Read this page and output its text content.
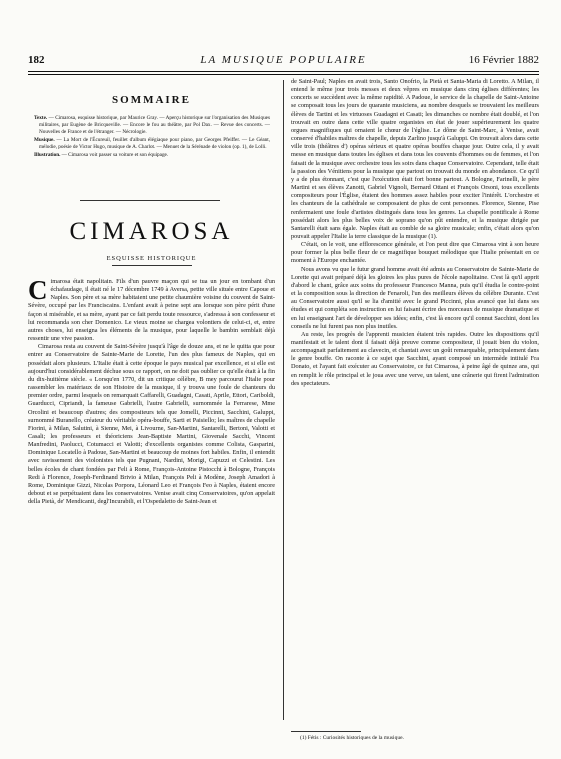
182	LA MUSIQUE POPULAIRE	16 Février 1882
SOMMAIRE

Texte. — Cimarosa, esquisse historique, par Maurice Gray. — Aperçu historique sur l'organisation des Musiques militaires, par Eugène de Bricqueville. — Encore le fou au théâtre, par Pol Dax. — Revue des concerts. — Nouvelles de France et de l'étranger. — Nécrologie.

Musique. — La Mort de l'Écureuil, feuillet d'album élégiaque pour piano, par Georges Pfeiffer. — Le Géant, mélodie, poésie de Victor Hugo, musique de A. Charlot. — Menuet de la Sérénade de violon (op. 1), de Lolli.

Illustration. — Cimarosa voit passer sa voiture et son équipage.

CIMAROSA
ESQUISSE HISTORIQUE

Cimarosa était napolitain. Fils d'un pauvre maçon qui se tua un jour en tombant d'un échafaudage, il était né le 17 décembre 1749 à Aversa, petite ville située entre Capoue et Naples. Son père et sa mère habitaient une petite chaumière voisine du couvent de Saint-Sévère, occupé par les Franciscains. L'enfant avait à peine sept ans lorsque son père périt d'une façon si misérable, et sa mère, ayant par ce fait perdu toute ressource, s'adressa à son confesseur et lui recommanda son cher Domenico. Le vieux moine se chargea volontiers de celui-ci, et, entre autres choses, lui enseigna les éléments de la musique, pour laquelle le bambin semblait déjà ressentir une vive passion.

Cimarosa resta au couvent de Saint-Sévère jusqu'à l'âge de douze ans, et ne le quitta que pour entrer au Conservatoire de Sainte-Marie de Lorette, l'un des plus fameux de Naples, qui en possédait alors plusieurs. L'Italie était à cette époque le pays musical par excellence, et si elle est aujourd'hui considérablement déchue sous ce rapport, on ne doit pas oublier ce qu'elle était à la fin du dix-huitième siècle. « Lorsqu'en 1770, dit un critique célèbre, B mey parcourut l'Italie pour rassembler les matériaux de son Histoire de la musique, il y trouva une foule de chanteurs du premier ordre, parmi lesquels on remarquait Caffarelli, Guadagni, Casati, Aprile, Ettori, Cariboldi, Guarducci, Cipriandi, la fameuse Gabrielli, l'autre Gabrielli, surnommée la Ferrarese, Mme Orcolini et beaucoup d'autres; des compositeurs tels que Jomelli, Piccinni, Sacchini, Galuppi, surnommé Buranello, créateur du véritable opéra-bouffe, Sarti et Paisiello; les maîtres de chapelle Fiorini, à Milan, Salutini, à Sienne, Mei, à Livourne, San-Martini, Santarelli, Bertoni, Valotti et Casali; les professeurs et théoriciens Jean-Baptiste Martini, Giovenale Sacchi, Vincent Manfredini, Paolucci, Cotumacci et Valotti; d'excellents organistes comme Colista, Gasparini, Dominique Locatello à Padoue, San-Martini et beaucoup de moines fort habiles. Enfin, il entendit avec ravissement des violonistes tels que Pugnani, Nardini, Morigi, Capuzzi et Celestini. Les belles écoles de chant fondées par Feli à Rome, François-Antoine Pistocchi à Bologne, François Redi à Florence, Joseph-Ferdinand Brivio à Milan, François Peli à Modène, Joseph Amadori à Rome, Dominique Gizzi, Nicolas Porpora, Léonard Leo et François Feo à Naples, étaient encore debout et se perpétuaient dans les conservatoires. Venise avait cinq Conservatoires, qu'on appelait della Pietà, de' Mendicanti, degl'Incurabili, et l'Ospedaletto de Saint-Jean et

de Saint-Paul; Naples en avait trois, Santo Onofrio, la Pietà et Santa-Maria di Loretto. A Milan, il entend le même jour trois messes et deux vêpres en musique dans cinq églises différentes; les concerts se succèdent avec la même rapidité. A Padoue, le service de la chapelle de Saint-Antoine se composait tous les jours de quarante musiciens, au nombre desquels se trouvaient les meilleurs élèves de Tartini et les virtuoses Guadagni et Casati; les dimanches ce nombre était doublé, et l'on trouvait en outre dans cette ville quatre organistes en état de jouer supérieurement les quatre orgues magnifiques qui ornaient le chœur de l'église. Le dôme de Saint-Marc, à Venise, avait conservé d'habiles maîtres de chapelle, depuis Zarlino jusqu'à Galuppi. On trouvait alors dans cette ville trois (théâtres d') opéras sérieux et quatre opéras bouffes chaque jour. Outre cela, il y avait messe en musique dans toutes les églises et dans tous les couvents d'hommes ou de femmes, et l'on faisait de la musique avec orchestre tous les soirs dans chaque Conservatoire. Cependant, telle était la passion des Vénitiens pour la musique que partout on trouvait du monde en abondance. Ce qu'il y a de plus étonnant, c'est que l'exécution était fort bonne partout. A Bologne, Farinelli, le père Martini et ses élèves Zanotti, Gabriel Vignoli, Bernard Ottani et François Orsoni, tous excellents compositeurs pour l'Église, étaient des hommes assez habiles pour exciter l'intérêt. L'orchestre et les chanteurs de la cathédrale se composaient de plus de cent personnes. Florence, Sienne, Pise renfermaient une foule d'artistes distingués dans tous les genres. La chapelle pontificale à Rome possédait alors les plus belles voix de soprano qu'on pût entendre, et la musique dirigée par Santarelli était sans égale. Naples était au comble de sa gloire musicale; enfin, c'était alors qu'on pouvait appeler l'Italie la terre classique de la musique (1).

C'était, on le voit, une efflorescence générale, et l'on peut dire que Cimarosa vint à son heure pour former la plus belle fleur de ce magnifique bouquet mélodique que l'Italie présentait en ce moment à l'Europe enchantée.

Nous avons vu que le futur grand homme avait été admis au Conservatoire de Sainte-Marie de Lorette qui avait préparé déjà les gloires les plus pures de l'école napolitaine. C'est là qu'il apprit d'abord le chant, grâce aux soins du professeur Francesco Manna, puis qu'il étudia le contre-point et la composition sous la direction de Fenaroli, l'un des meilleurs élèves du célèbre Durante. C'est au Conservatoire aussi qu'il se lia d'amitié avec le grand Piccinni, plus avancé que lui dans ses études et qui compléta son instruction en lui faisant écrire des morceaux de musique dramatique et en lui enseignant l'art de développer ses idées; enfin, c'est là encore qu'il connut Sacchini, dont les conseils ne lui furent pas non plus inutiles.

Au reste, les progrès de l'apprenti musicien étaient très rapides. Outre les dispositions qu'il manifestait et le talent dont il faisait déjà preuve comme compositeur, il jouait bien du violon, accompagnait parfaitement au clavecin, et chantait avec un goût remarquable, principalement dans le genre bouffe. On raconte à ce sujet que Sacchini, ayant composé un intermède intitulé Fra Donato, et l'ayant fait exécuter au Conservatoire, ce fut Cimarosa, à peine âgé de quinze ans, qui en remplit le rôle principal et le joua avec une verve, un talent, une crânerie qui firent l'admiration des spectateurs.

(1) Fétis : Curiosités historiques de la musique.
